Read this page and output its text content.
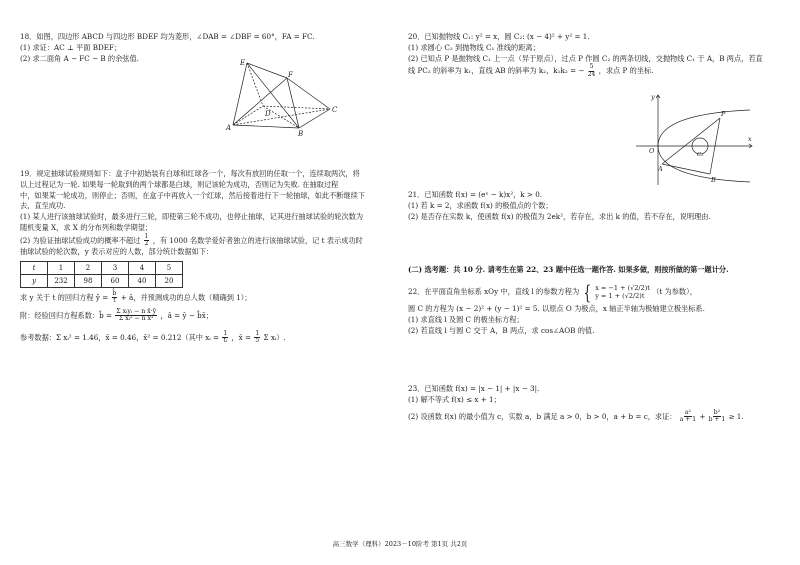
18．如图，四边形 ABCD 与四边形 BDEF 均为菱形，∠DAB = ∠DBF = 60°，FA = FC.

(1) 求证：AC ⊥ 平面 BDEF；

(2) 求二面角 A − FC − B 的余弦值.

E
F
D	C
A
B

19．规定抽球试验规则如下：盒子中初始装有白球和红球各一个，每次有放回的任取一个，连续取两次，将

以上过程记为一轮. 如果每一轮取到的两个球都是白球，则记该轮为成功，否则记为失败. 在抽取过程

中，如果某一轮成功，则停止；否则，在盒子中再放入一个红球，然后接着进行下一轮抽球，如此不断继续下

去，直至成功.

(1) 某人进行该抽球试验时，最多进行三轮，即使第三轮不成功，也停止抽球，记其进行抽球试验的轮次数为

随机变量 X，求 X 的分布列和数学期望；

(2) 为验证抽球试验成功的概率不超过 $\frac{1}{2}$ ，有 1000 名数学爱好者独立的进行该抽球试验，记 t 表示成功时

抽球试验的轮次数，y 表示对应的人数，部分统计数据如下：

t	1	2	3	4	5
y	232	98	60	40	20

求 y 关于 t 的回归方程 ŷ = $\frac{b̂}{t}$ + â，并预测成功的总人数（精确到 1）；

附：经验回归方程系数：b̂ = $\frac{\text{Σ xᵢyᵢ − n x̄·ȳ}}{\text{Σ xᵢ² − n x̄²}}$ ，â = ȳ − b̂x̄；

参考数据：Σ xᵢ² = 1.46，x̄ = 0.46，x̄² = 0.212（其中 xᵢ = $\frac{1}{\text{tᵢ}}$ ，x̄ = $\frac{1}{5}$ Σ xᵢ）.

20．已知抛物线 C₁: y² = x，圆 C₂: (x − 4)² + y² = 1.

(1) 求圆心 C₂ 到抛物线 C₁ 准线的距离；

(2) 已知点 P 是抛物线 C₁ 上一点（异于原点），过点 P 作圆 C₂ 的两条切线，交抛物线 C₁ 于 A，B 两点，若直

线 PC₂ 的斜率为 k₁，直线 AB 的斜率为 k₂，k₁k₂ = − $\frac{5}{24}$ ，求点 P 的坐标.

y
x
O
P
C₂
A
B

21．已知函数 f(x) = (eˣ − k)x²，k > 0.

(1) 若 k = 2，求函数 f(x) 的极值点的个数；

(2) 是否存在实数 k，使函数 f(x) 的极值为 2ek²，若存在，求出 k 的值，若不存在，说明理由.

(二) 选考题：共 10 分. 请考生在第 22、23 题中任选一题作答. 如果多做，则按所做的第一题计分.

22．在平面直角坐标系 xOy 中，直线 l 的参数方程为 { x = −1 + (√2/2)t
y = 1 + (√2/2)t	（t 为参数），

圆 C 的方程为 (x − 2)² + (y − 1)² = 5. 以原点 O 为极点，x 轴正半轴为极轴建立极坐标系.

(1) 求直线 l 及圆 C 的极坐标方程；

(2) 若直线 l 与圆 C 交于 A，B 两点，求 cos∠AOB 的值.

23．已知函数 f(x) = |x − 1| + |x − 3|.

(1) 解不等式 f(x) ≤ x + 1；

(2) 设函数 f(x) 的最小值为 c，实数 a，b 满足 a > 0，b > 0，a + b = c，求证： $\frac{\text{a²}}{a + 1} + \frac{\text{b²}}{b + 1} \ge 1$.

高三数学（理科）2023－10阶考 第1页 共2页
